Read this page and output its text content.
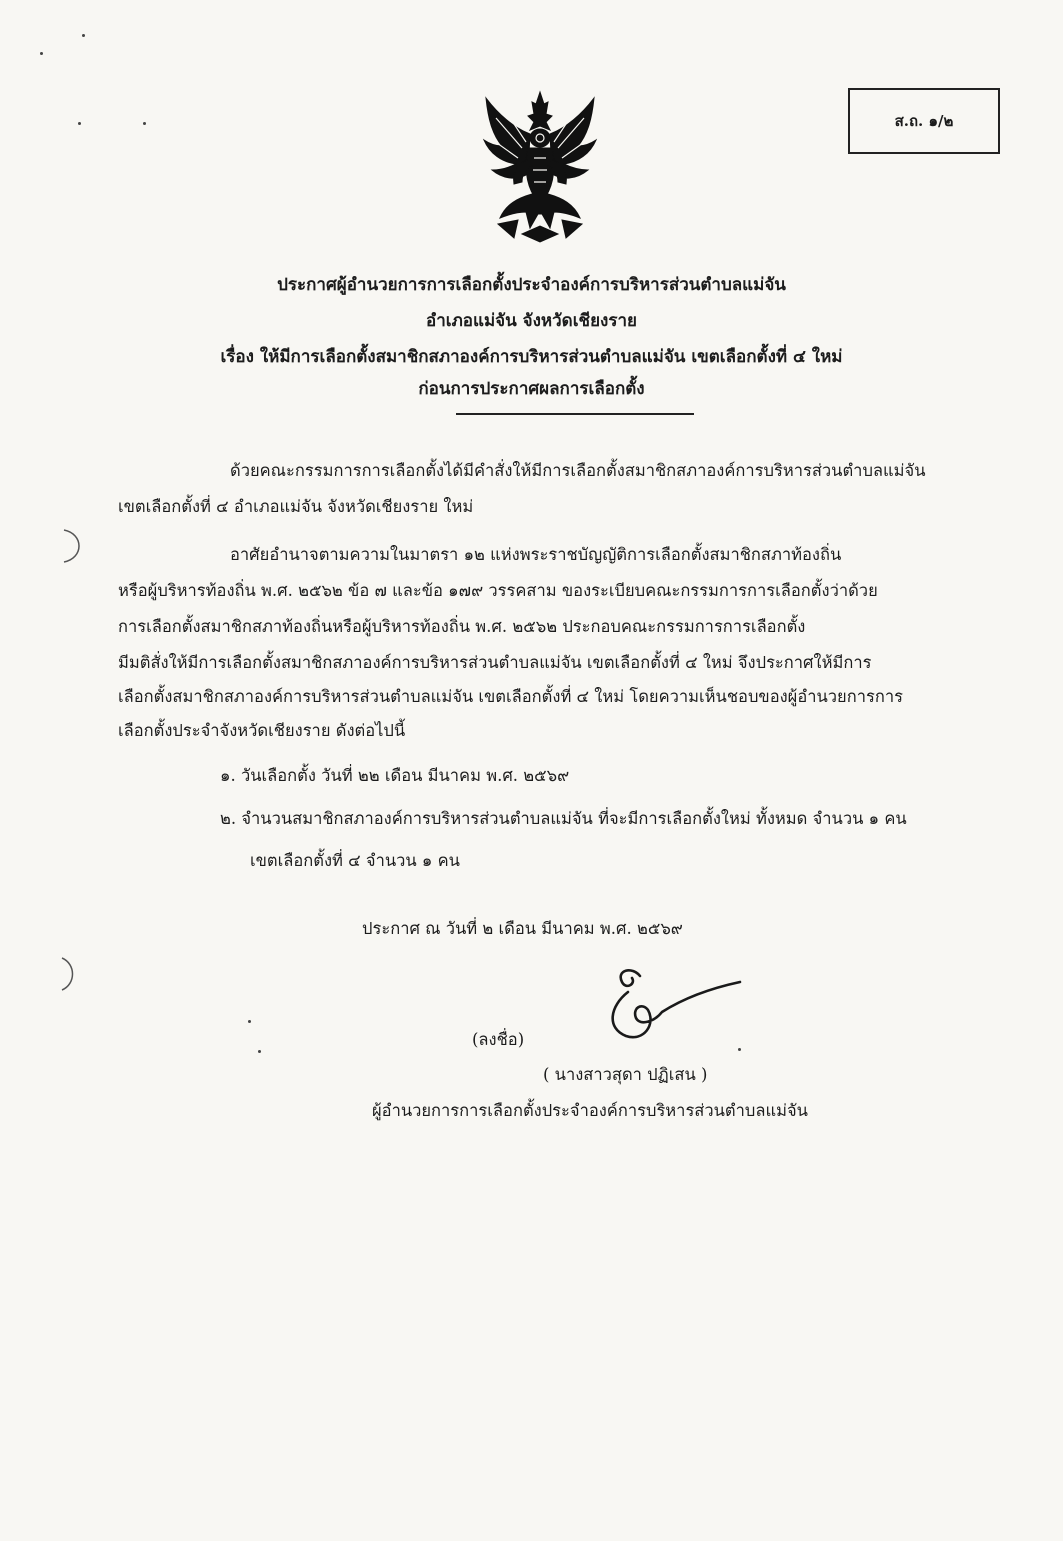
ส.ถ. ๑/๒
ประกาศผู้อำนวยการการเลือกตั้งประจำองค์การบริหารส่วนตำบลแม่จัน
อำเภอแม่จัน จังหวัดเชียงราย
เรื่อง ให้มีการเลือกตั้งสมาชิกสภาองค์การบริหารส่วนตำบลแม่จัน เขตเลือกตั้งที่ ๔ ใหม่
ก่อนการประกาศผลการเลือกตั้ง
ด้วยคณะกรรมการการเลือกตั้งได้มีคำสั่งให้มีการเลือกตั้งสมาชิกสภาองค์การบริหารส่วนตำบลแม่จัน
เขตเลือกตั้งที่ ๔ อำเภอแม่จัน จังหวัดเชียงราย ใหม่
อาศัยอำนาจตามความในมาตรา ๑๒ แห่งพระราชบัญญัติการเลือกตั้งสมาชิกสภาท้องถิ่น
หรือผู้บริหารท้องถิ่น พ.ศ. ๒๕๖๒ ข้อ ๗ และข้อ ๑๗๙ วรรคสาม ของระเบียบคณะกรรมการการเลือกตั้งว่าด้วย
การเลือกตั้งสมาชิกสภาท้องถิ่นหรือผู้บริหารท้องถิ่น พ.ศ. ๒๕๖๒ ประกอบคณะกรรมการการเลือกตั้ง
มีมติสั่งให้มีการเลือกตั้งสมาชิกสภาองค์การบริหารส่วนตำบลแม่จัน เขตเลือกตั้งที่ ๔ ใหม่ จึงประกาศให้มีการ
เลือกตั้งสมาชิกสภาองค์การบริหารส่วนตำบลแม่จัน เขตเลือกตั้งที่ ๔ ใหม่ โดยความเห็นชอบของผู้อำนวยการการ
เลือกตั้งประจำจังหวัดเชียงราย ดังต่อไปนี้
๑. วันเลือกตั้ง วันที่ ๒๒ เดือน มีนาคม พ.ศ. ๒๕๖๙
๒. จำนวนสมาชิกสภาองค์การบริหารส่วนตำบลแม่จัน ที่จะมีการเลือกตั้งใหม่ ทั้งหมด จำนวน ๑ คน
เขตเลือกตั้งที่ ๔ จำนวน ๑ คน
ประกาศ ณ วันที่ ๒ เดือน มีนาคม พ.ศ. ๒๕๖๙
(ลงชื่อ)
( นางสาวสุดา ปฏิเสน )
ผู้อำนวยการการเลือกตั้งประจำองค์การบริหารส่วนตำบลแม่จัน
